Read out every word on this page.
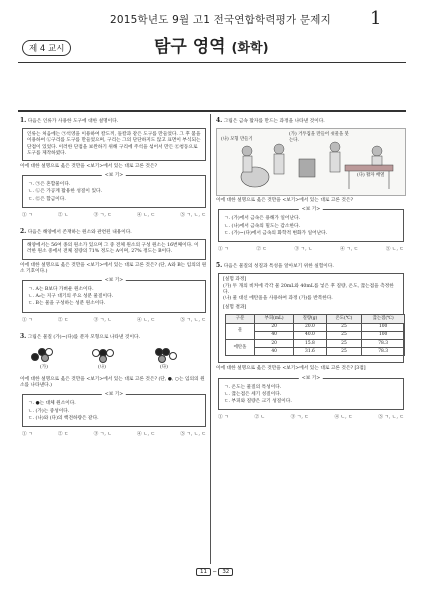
2015학년도 9월 고1 전국연합학력평가 문제지 1
제 4 교시	탐구 영역 (화학)
1. 다음은 인류가 사용한 도구에 대한 설명이다.
인류는 처음에는 ㉠석영을 이용하여 칼도끼, 돌칼과 같은 도구를 만들었다. 그 후 불을 이용하여 ㉡구리를 도구를 만들었으며, 구리는 그의 단단하지도 않고 표면이 부식되는 단점이 있었다. 이러한 단점을 보완하기 위해 구리에 주석을 섞어서 만든 ㉢청동으로 도구를 제작하였다.
이에 대한 설명으로 옳은 것만을 <보기>에서 있는 대로 고른 것은?
<보 기>
ㄱ. ㉠은 혼합물이다.
ㄴ. ㉡은 가공계 활용한 성질이 있다.
ㄷ. ㉢은 합금이다.
① ㄱ	② ㄴ	③ ㄱ, ㄷ	④ ㄴ, ㄷ	⑤ ㄱ, ㄴ, ㄷ
2. 다음은 해양에서 존재하는 원소와 관련된 내용이다.
해양에서는 56여 종의 원소가 있으며 그 중 전체 원소의 구성 원소는 16번째이다. 이러한 원소 중에서 전체 질량의 71% 정도는 A이며, 27% 정도는 B이다.
이에 대한 설명으로 옳은 것만을 <보기>에서 있는 대로 고른 것은? (단, A와 B는 임의의 원소 기호이다.)
<보 기>
ㄱ. A는 B보다 가벼운 원소이다.
ㄴ. A₂는 지구 대기의 주요 성분 물질이다.
ㄷ. B는 물을 구성하는 성분 원소이다.
① ㄱ	② ㄷ	③ ㄱ, ㄴ	④ ㄴ, ㄷ	⑤ ㄱ, ㄴ, ㄷ
3. 그림은 물질 (가)~(다)를 분자 모형으로 나타낸 것이다.
(가)	(나)	(다)
이에 대한 설명으로 옳은 것만을 <보기>에서 있는 대로 고른 것은? (단, ●, ○는 임의의 원소를 나타낸다.)
<보 기>
ㄱ. ●는 대체 원소이다.
ㄴ. (가)는 중성이다.
ㄷ. (나)와 (다)의 핵전하량은 같다.
① ㄱ	② ㄷ	③ ㄱ, ㄴ	④ ㄴ, ㄷ	⑤ ㄱ, ㄴ, ㄷ
4. 그림은 금속 활자를 만드는 과정을 나타낸 것이다.
(가) 거푸집을 만들어 쇳물을 붓는다.
(나) 모형 만들기
(다) 활자 배열
이에 대한 설명으로 옳은 것만을 <보기>에서 있는 대로 고른 것은?
<보 기>
ㄱ. (가)에서 금속은 용해가 일어난다.
ㄴ. (나)에서 금속의 밀도는 감소한다.
ㄷ. (가)~(다)에서 금속의 화학적 변화가 일어난다.
① ㄱ	② ㄷ	③ ㄱ, ㄴ	④ ㄱ, ㄷ	⑤ ㄴ, ㄷ
5. 다음은 물질의 성질과 특성을 알아보기 위한 실험이다.
[실험 과정]
(가) 두 개의 비커에 각각 물 20mL와 40mL를 넣은 후 질량, 온도, 끓는점을 측정한다.
(나) 물 대신 에탄올을 사용하여 과정 (가)를 반복한다.
[실험 결과]
구분	부피(mL)	질량(g)	온도(℃)	끓는점(℃)
물	20	20.0	25	100
	40	40.0	25	100
에탄올	20	15.8	25	78.3
	40	31.6	25	78.3
이에 대한 설명으로 옳은 것만을 <보기>에서 있는 대로 고른 것은? [3점]
<보 기>
ㄱ. 온도는 물질의 특성이다.
ㄴ. 끓는점은 세기 성질이다.
ㄷ. 부피와 질량은 크기 성질이다.
① ㄱ	② ㄴ	③ ㄱ, ㄷ	④ ㄴ, ㄷ	⑤ ㄱ, ㄴ, ㄷ
11	─	32
